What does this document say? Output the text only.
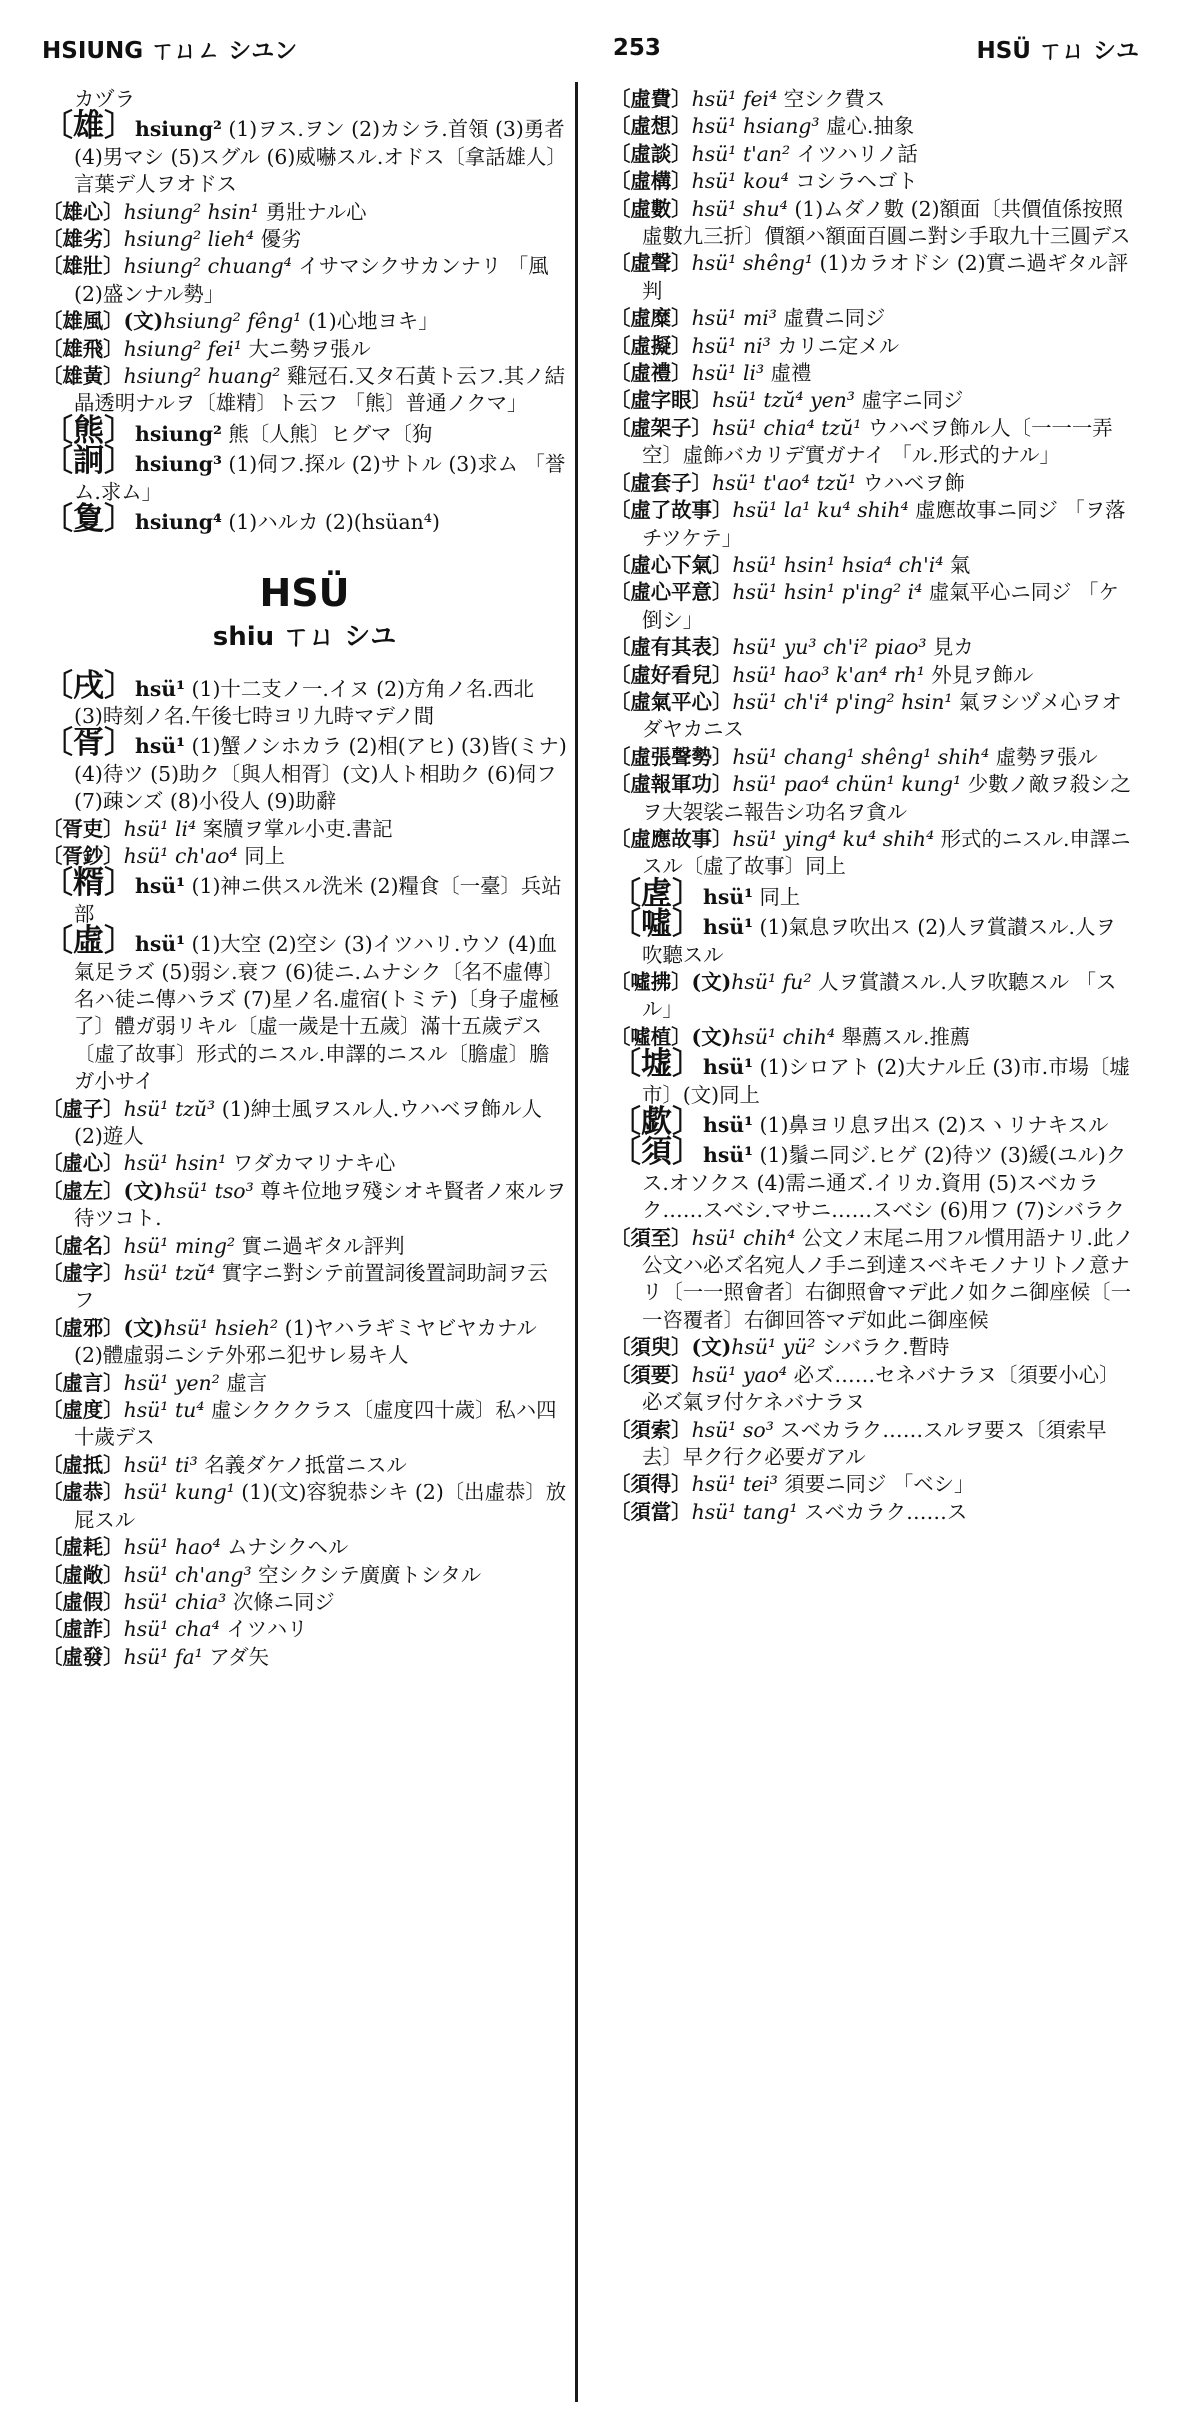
HSIUNG ㄒㄩㄥ シユン	253	HSÜ ㄒㄩ シユ
カヅラ
〔雄〕hsiung² (1)ヲス.ヲン (2)カシラ.首領 (3)勇者 (4)男マシ (5)スグル (6)威嚇スル.オドス〔拿話雄人〕言葉デ人ヲオドス
〔雄心〕hsiung² hsin¹ 勇壯ナル心
〔雄劣〕hsiung² lieh⁴ 優劣
〔雄壯〕hsiung² chuang⁴ イサマシクサカンナリ 「風(2)盛ンナル勢」
〔雄風〕(文)hsiung² fêng¹ (1)心地ヨキ」
〔雄飛〕hsiung² fei¹ 大ニ勢ヲ張ル
〔雄黃〕hsiung² huang² 雞冠石.又タ石黃ト云フ.其ノ結晶透明ナルヲ〔雄精〕ト云フ 「熊〕普通ノクマ」
〔熊〕hsiung² 熊〔人熊〕ヒグマ〔狗
〔詗〕hsiung³ (1)伺フ.探ル (2)サトル (3)求ム 「誉ム.求ム」
〔夐〕hsiung⁴ (1)ハルカ (2)(hsüan⁴)
HSÜ
shiu ㄒㄩ シユ
〔戌〕hsü¹ (1)十二支ノ一.イヌ (2)方角ノ名.西北 (3)時刻ノ名.午後七時ヨリ九時マデノ間
〔胥〕hsü¹ (1)蟹ノシホカラ (2)相(アヒ) (3)皆(ミナ) (4)待ツ (5)助ク〔與人相胥〕(文)人ト相助ク (6)伺フ (7)疎ンズ (8)小役人 (9)助辭
〔胥吏〕hsü¹ li⁴ 案牘ヲ掌ル小吏.書記
〔胥鈔〕hsü¹ ch'ao⁴ 同上
〔糈〕hsü¹ (1)神ニ供スル洗米 (2)糧食〔一臺〕兵站部
〔虛〕hsü¹ (1)大空 (2)空シ (3)イツハリ.ウソ (4)血氣足ラズ (5)弱シ.衰フ (6)徒ニ.ムナシク〔名不虛傳〕名ハ徒ニ傳ハラズ (7)星ノ名.虛宿(トミテ)〔身子虛極了〕體ガ弱リキル〔虛一歲是十五歲〕滿十五歲デス〔虛了故事〕形式的ニスル.申譯的ニスル〔膽虛〕膽ガ小サイ
〔虛子〕hsü¹ tzŭ³ (1)紳士風ヲスル人.ウハベヲ飾ル人 (2)遊人
〔虛心〕hsü¹ hsin¹ ワダカマリナキ心
〔虛左〕(文)hsü¹ tso³ 尊キ位地ヲ殘シオキ賢者ノ來ルヲ待ツコト.
〔虛名〕hsü¹ ming² 實ニ過ギタル評判
〔虛字〕hsü¹ tzŭ⁴ 實字ニ對シテ前置詞後置詞助詞ヲ云フ
〔虛邪〕(文)hsü¹ hsieh² (1)ヤハラギミヤビヤカナル (2)體虛弱ニシテ外邪ニ犯サレ易キ人
〔虛言〕hsü¹ yen² 虛言
〔虛度〕hsü¹ tu⁴ 虛シクククラス〔虛度四十歲〕私ハ四十歲デス
〔虛抵〕hsü¹ ti³ 名義ダケノ抵當ニスル
〔虛恭〕hsü¹ kung¹ (1)(文)容貌恭シキ (2)〔出虛恭〕放屁スル
〔虛耗〕hsü¹ hao⁴ ムナシクヘル
〔虛敞〕hsü¹ ch'ang³ 空シクシテ廣廣トシタル
〔虛假〕hsü¹ chia³ 次條ニ同ジ
〔虛詐〕hsü¹ cha⁴ イツハリ
〔虛發〕hsü¹ fa¹ アダ矢
〔虛費〕hsü¹ fei⁴ 空シク費ス
〔虛想〕hsü¹ hsiang³ 虛心.抽象
〔虛談〕hsü¹ t'an² イツハリノ話
〔虛構〕hsü¹ kou⁴ コシラヘゴト
〔虛數〕hsü¹ shu⁴ (1)ムダノ數 (2)額面〔共價值係按照虛數九三折〕價額ハ額面百圓ニ對シ手取九十三圓デス
〔虛聲〕hsü¹ shêng¹ (1)カラオドシ (2)實ニ過ギタル評判
〔虛糜〕hsü¹ mi³ 虛費ニ同ジ
〔虛擬〕hsü¹ ni³ カリニ定メル
〔虛禮〕hsü¹ li³ 虛禮
〔虛字眼〕hsü¹ tzŭ⁴ yen³ 虛字ニ同ジ
〔虛架子〕hsü¹ chia⁴ tzŭ¹ ウハベヲ飾ル人〔一一一弄空〕虛飾バカリデ實ガナイ 「ル.形式的ナル」
〔虛套子〕hsü¹ t'ao⁴ tzŭ¹ ウハベヲ飾
〔虛了故事〕hsü¹ la¹ ku⁴ shih⁴ 虛應故事ニ同ジ 「ヲ落チツケテ」
〔虛心下氣〕hsü¹ hsin¹ hsia⁴ ch'i⁴ 氣
〔虛心平意〕hsü¹ hsin¹ p'ing² i⁴ 虛氣平心ニ同ジ 「ケ倒シ」
〔虛有其表〕hsü¹ yu³ ch'i² piao³ 見カ
〔虛好看兒〕hsü¹ hao³ k'an⁴ rh¹ 外見ヲ飾ル
〔虛氣平心〕hsü¹ ch'i⁴ p'ing² hsin¹ 氣ヲシヅメ心ヲオダヤカニス
〔虛張聲勢〕hsü¹ chang¹ shêng¹ shih⁴ 虛勢ヲ張ル
〔虛報軍功〕hsü¹ pao⁴ chün¹ kung¹ 少數ノ敵ヲ殺シ之ヲ大袈裟ニ報告シ功名ヲ貪ル
〔虛應故事〕hsü¹ ying⁴ ku⁴ shih⁴ 形式的ニスル.申譯ニスル〔虛了故事〕同上
〔虗〕hsü¹ 同上
〔噓〕hsü¹ (1)氣息ヲ吹出ス (2)人ヲ賞讃スル.人ヲ吹聽スル
〔噓拂〕(文)hsü¹ fu² 人ヲ賞讃スル.人ヲ吹聽スル 「スル」
〔噓植〕(文)hsü¹ chih⁴ 舉薦スル.推薦
〔墟〕hsü¹ (1)シロアト (2)大ナル丘 (3)市.市場〔墟市〕(文)同上
〔歔〕hsü¹ (1)鼻ヨリ息ヲ出ス (2)スヽリナキスル
〔須〕hsü¹ (1)鬚ニ同ジ.ヒゲ (2)待ツ (3)緩(ユル)クス.オソクス (4)需ニ通ズ.イリカ.資用 (5)スベカラク……スベシ.マサニ……スベシ (6)用フ (7)シバラク
〔須至〕hsü¹ chih⁴ 公文ノ末尾ニ用フル慣用語ナリ.此ノ公文ハ必ズ名宛人ノ手ニ到達スベキモノナリトノ意ナリ〔一一照會者〕右御照會マデ此ノ如クニ御座候〔一一咨覆者〕右御回答マデ如此ニ御座候
〔須臾〕(文)hsü¹ yü² シバラク.暫時
〔須要〕hsü¹ yao⁴ 必ズ……セネバナラヌ〔須要小心〕必ズ氣ヲ付ケネバナラヌ
〔須索〕hsü¹ so³ スベカラク……スルヲ要ス〔須索早去〕早ク行ク必要ガアル
〔須得〕hsü¹ tei³ 須要ニ同ジ 「ベシ」
〔須當〕hsü¹ tang¹ スベカラク……ス
